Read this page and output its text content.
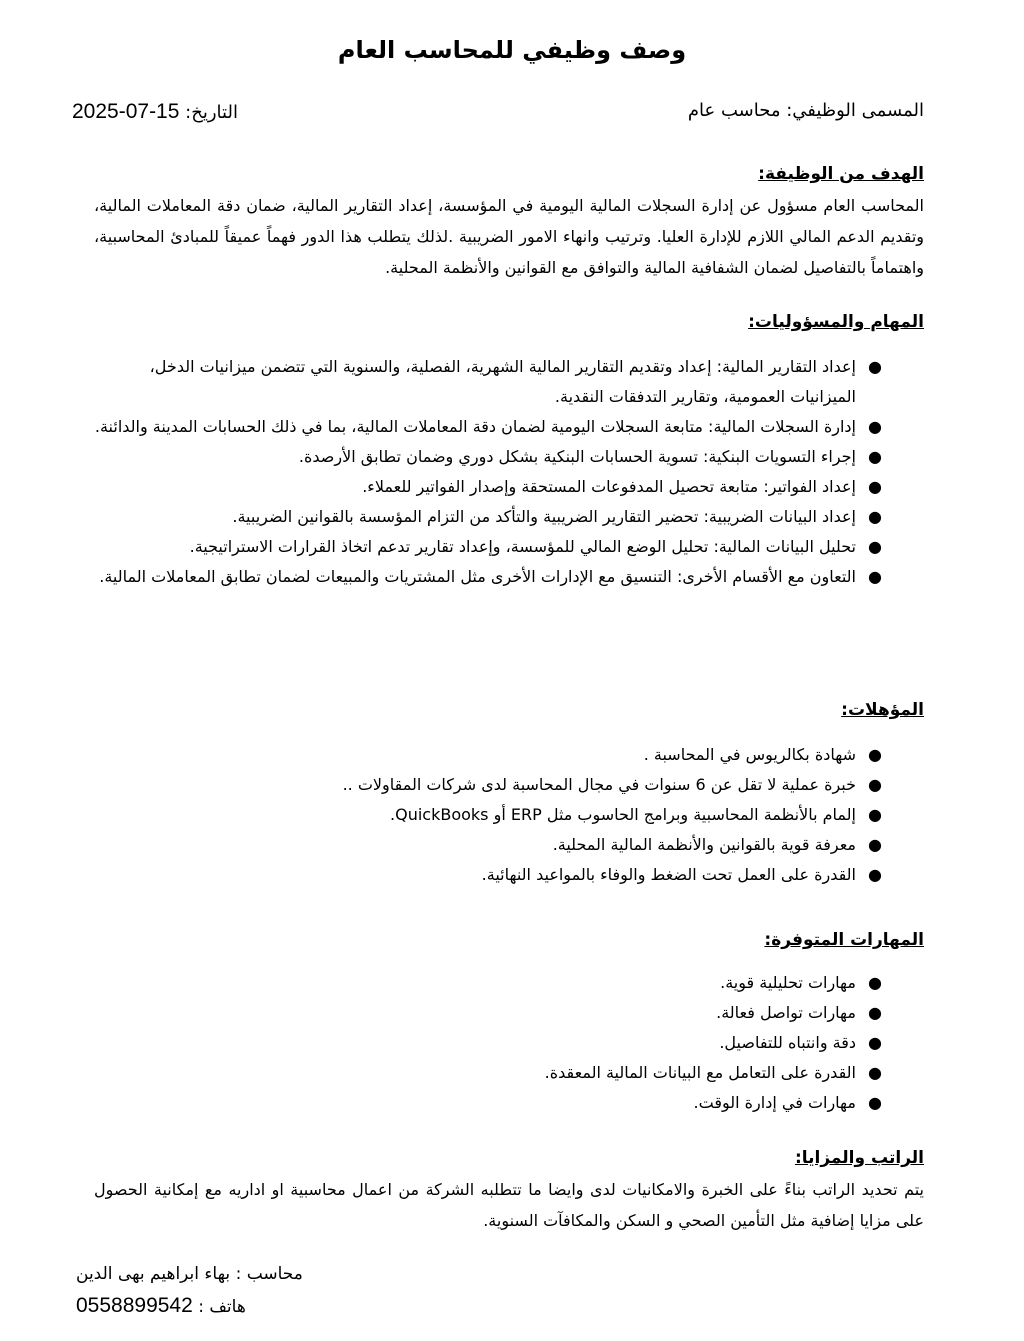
وصف وظيفي للمحاسب العام
المسمى الوظيفي: محاسب عام
التاريخ: 2025-07-15
الهدف من الوظيفة:

المحاسب العام مسؤول عن إدارة السجلات المالية اليومية في المؤسسة، إعداد التقارير المالية، ضمان دقة المعاملات المالية، وتقديم الدعم المالي اللازم للإدارة العليا. وترتيب وانهاء الامور الضريبية .لذلك يتطلب هذا الدور فهماً عميقاً للمبادئ المحاسبية، واهتماماً بالتفاصيل لضمان الشفافية المالية والتوافق مع القوانين والأنظمة المحلية.

المهام والمسؤوليات:
●
إعداد التقارير المالية: إعداد وتقديم التقارير المالية الشهرية، الفصلية، والسنوية التي تتضمن ميزانيات الدخل، الميزانيات العمومية، وتقارير التدفقات النقدية.
●
إدارة السجلات المالية: متابعة السجلات اليومية لضمان دقة المعاملات المالية، بما في ذلك الحسابات المدينة والدائنة.
●
إجراء التسويات البنكية: تسوية الحسابات البنكية بشكل دوري وضمان تطابق الأرصدة.
●
إعداد الفواتير: متابعة تحصيل المدفوعات المستحقة وإصدار الفواتير للعملاء.
●
إعداد البيانات الضريبية: تحضير التقارير الضريبية والتأكد من التزام المؤسسة بالقوانين الضريبية.
●
تحليل البيانات المالية: تحليل الوضع المالي للمؤسسة، وإعداد تقارير تدعم اتخاذ القرارات الاستراتيجية.
●
التعاون مع الأقسام الأخرى: التنسيق مع الإدارات الأخرى مثل المشتريات والمبيعات لضمان تطابق المعاملات المالية.
المؤهلات:
●
شهادة بكالريوس في المحاسبة .
●
خبرة عملية لا تقل عن 6 سنوات في مجال المحاسبة لدى شركات المقاولات ..
●
إلمام بالأنظمة المحاسبية وبرامج الحاسوب مثل ERP أو QuickBooks.
●
معرفة قوية بالقوانين والأنظمة المالية المحلية.
●
القدرة على العمل تحت الضغط والوفاء بالمواعيد النهائية.
المهارات المتوفرة:
●
مهارات تحليلية قوية.
●
مهارات تواصل فعالة.
●
دقة وانتباه للتفاصيل.
●
القدرة على التعامل مع البيانات المالية المعقدة.
●
مهارات في إدارة الوقت.
الراتب والمزايا:

يتم تحديد الراتب بناءً على الخبرة والامكانيات لدى وايضا ما تتطلبه الشركة من اعمال محاسبية او اداريه مع إمكانية الحصول على مزايا إضافية مثل التأمين الصحي و السكن والمكافآت السنوية.

محاسب : بهاء ابراهيم بهى الدين
هاتف : 0558899542
